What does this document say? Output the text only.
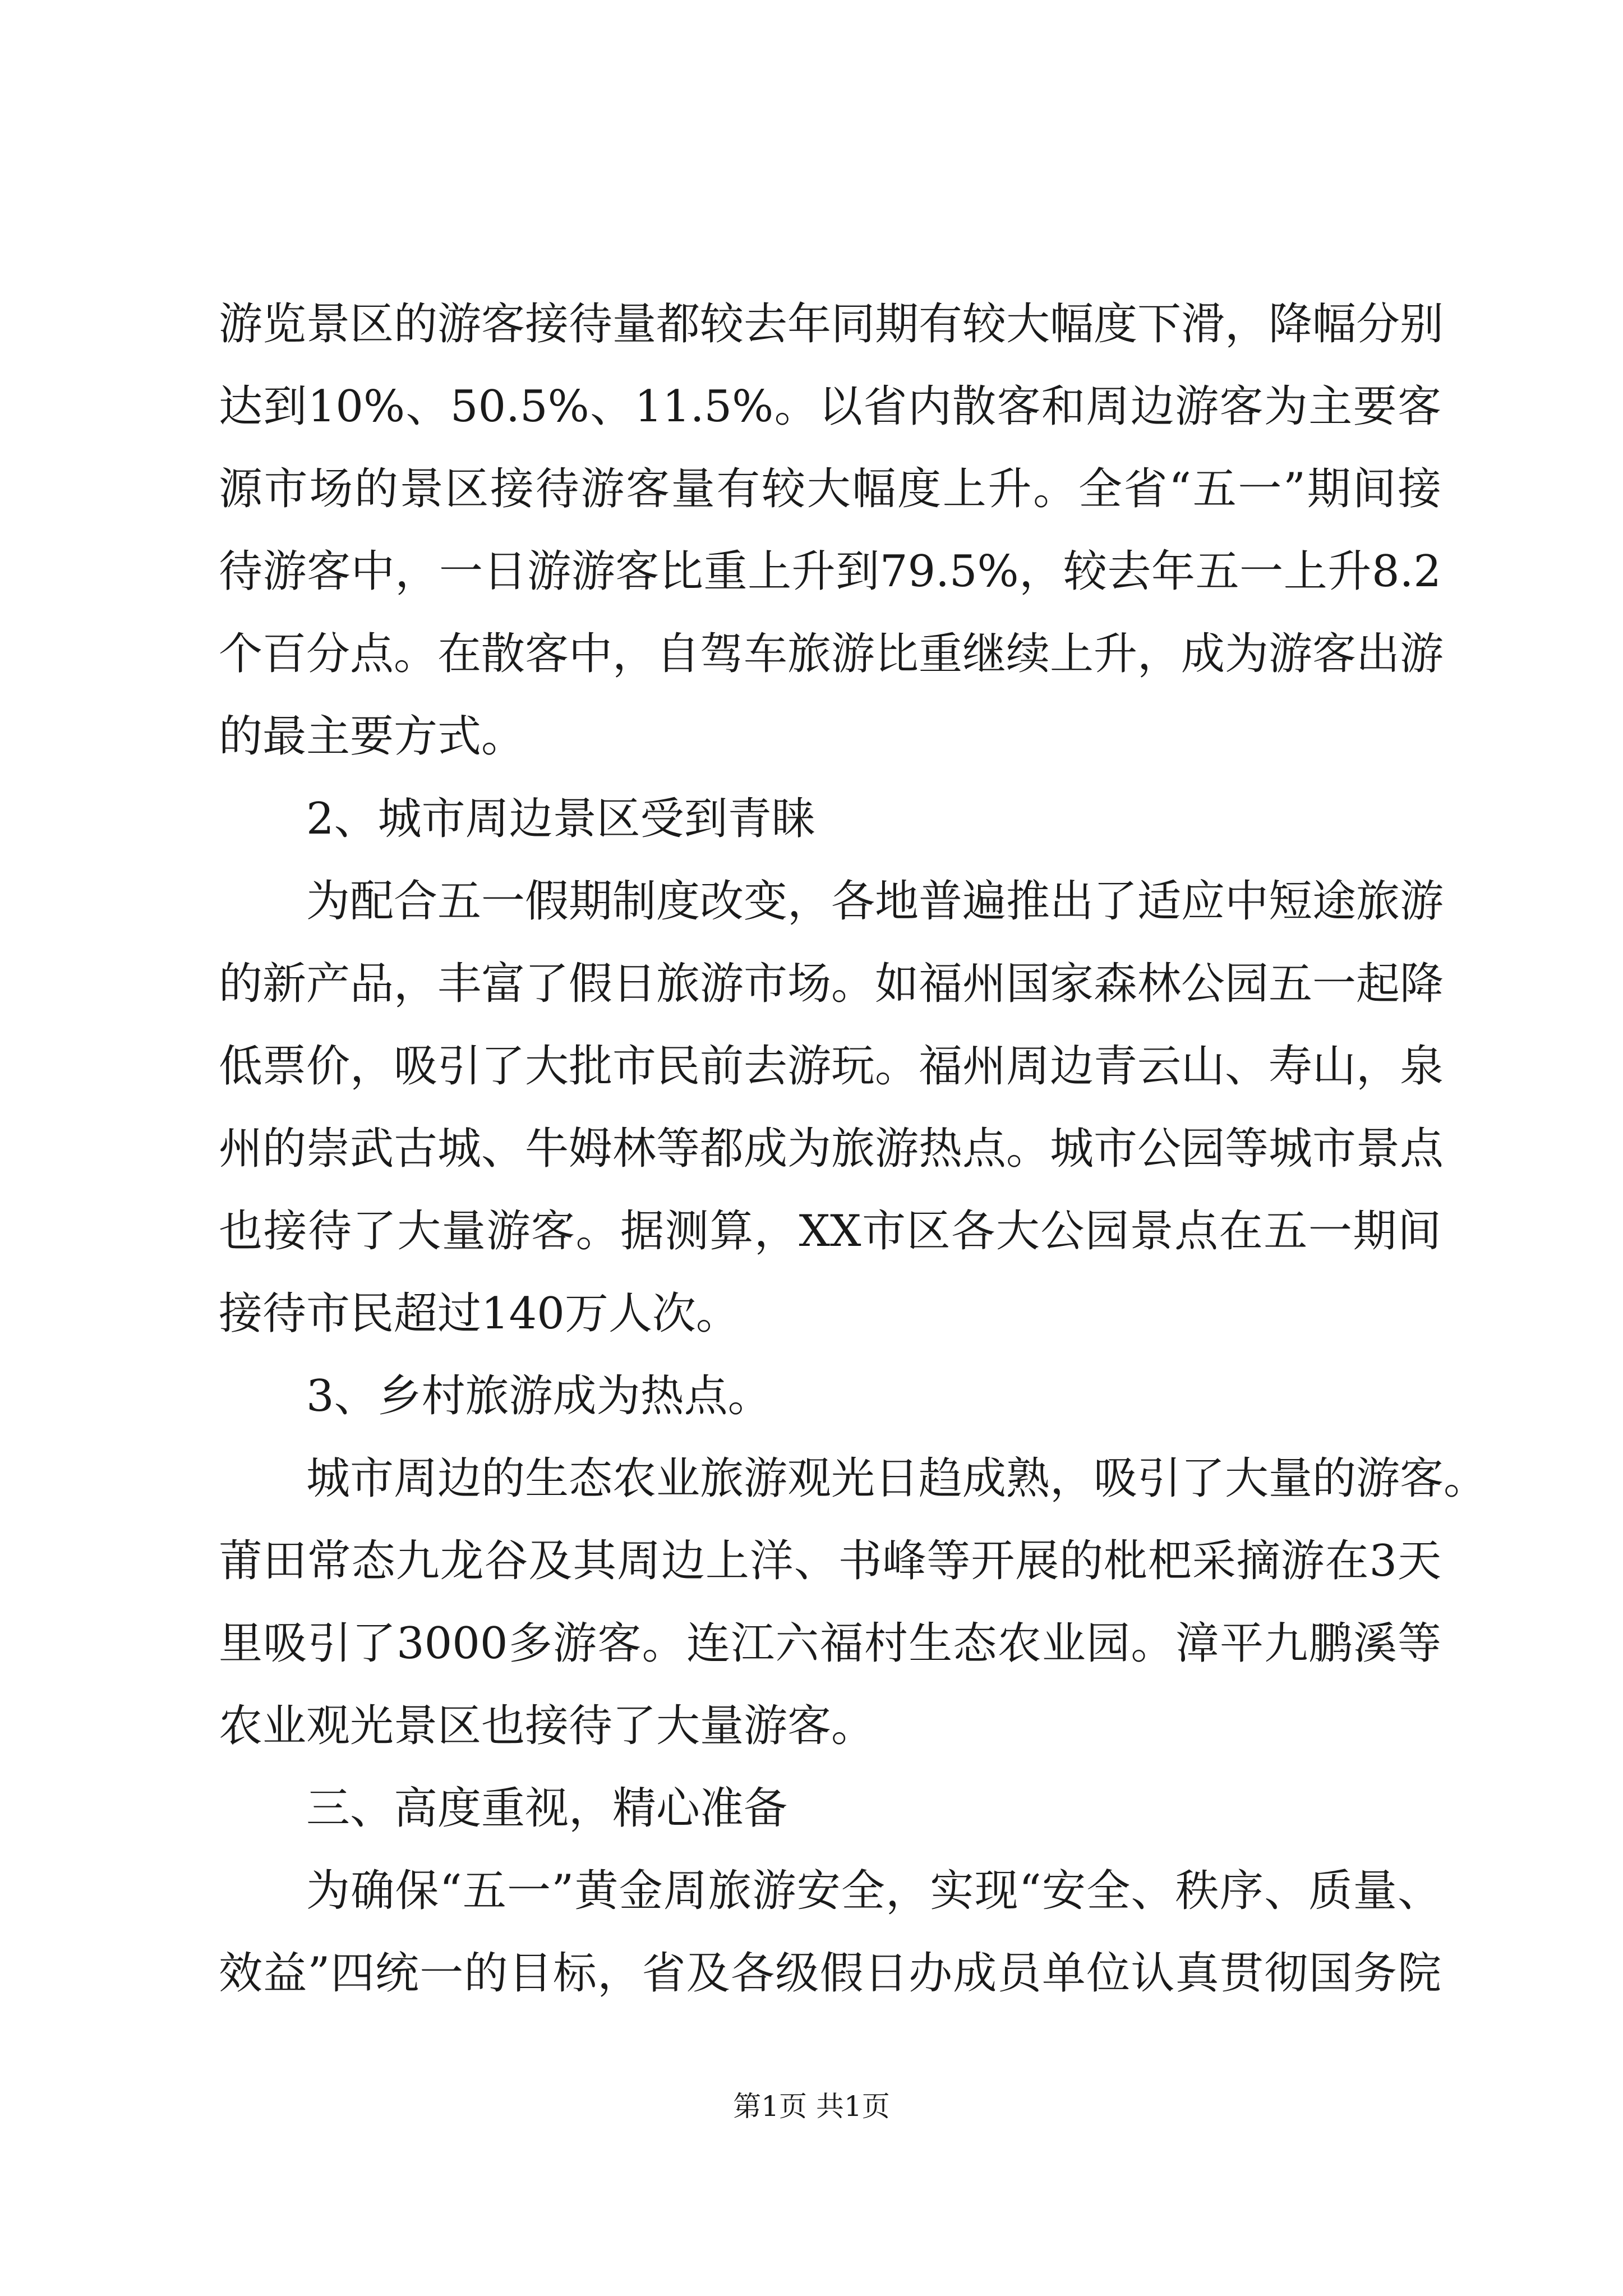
游览景区的游客接待量都较去年同期有较大幅度下滑，降幅分别
达到10%、50.5%、11.5%。以省内散客和周边游客为主要客
源市场的景区接待游客量有较大幅度上升。全省“五一”期间接
待游客中，一日游游客比重上升到79.5%，较去年五一上升8.2
个百分点。在散客中，自驾车旅游比重继续上升，成为游客出游
的最主要方式。
2、城市周边景区受到青睐
为配合五一假期制度改变，各地普遍推出了适应中短途旅游
的新产品，丰富了假日旅游市场。如福州国家森林公园五一起降
低票价，吸引了大批市民前去游玩。福州周边青云山、寿山，泉
州的崇武古城、牛姆林等都成为旅游热点。城市公园等城市景点
也接待了大量游客。据测算，XX市区各大公园景点在五一期间
接待市民超过140万人次。
3、乡村旅游成为热点。
城市周边的生态农业旅游观光日趋成熟，吸引了大量的游客。
莆田常态九龙谷及其周边上洋、书峰等开展的枇杷采摘游在3天
里吸引了3000多游客。连江六福村生态农业园。漳平九鹏溪等
农业观光景区也接待了大量游客。
三、高度重视，精心准备
为确保“五一”黄金周旅游安全，实现“安全、秩序、质量、
效益”四统一的目标，省及各级假日办成员单位认真贯彻国务院
第1页 共1页
